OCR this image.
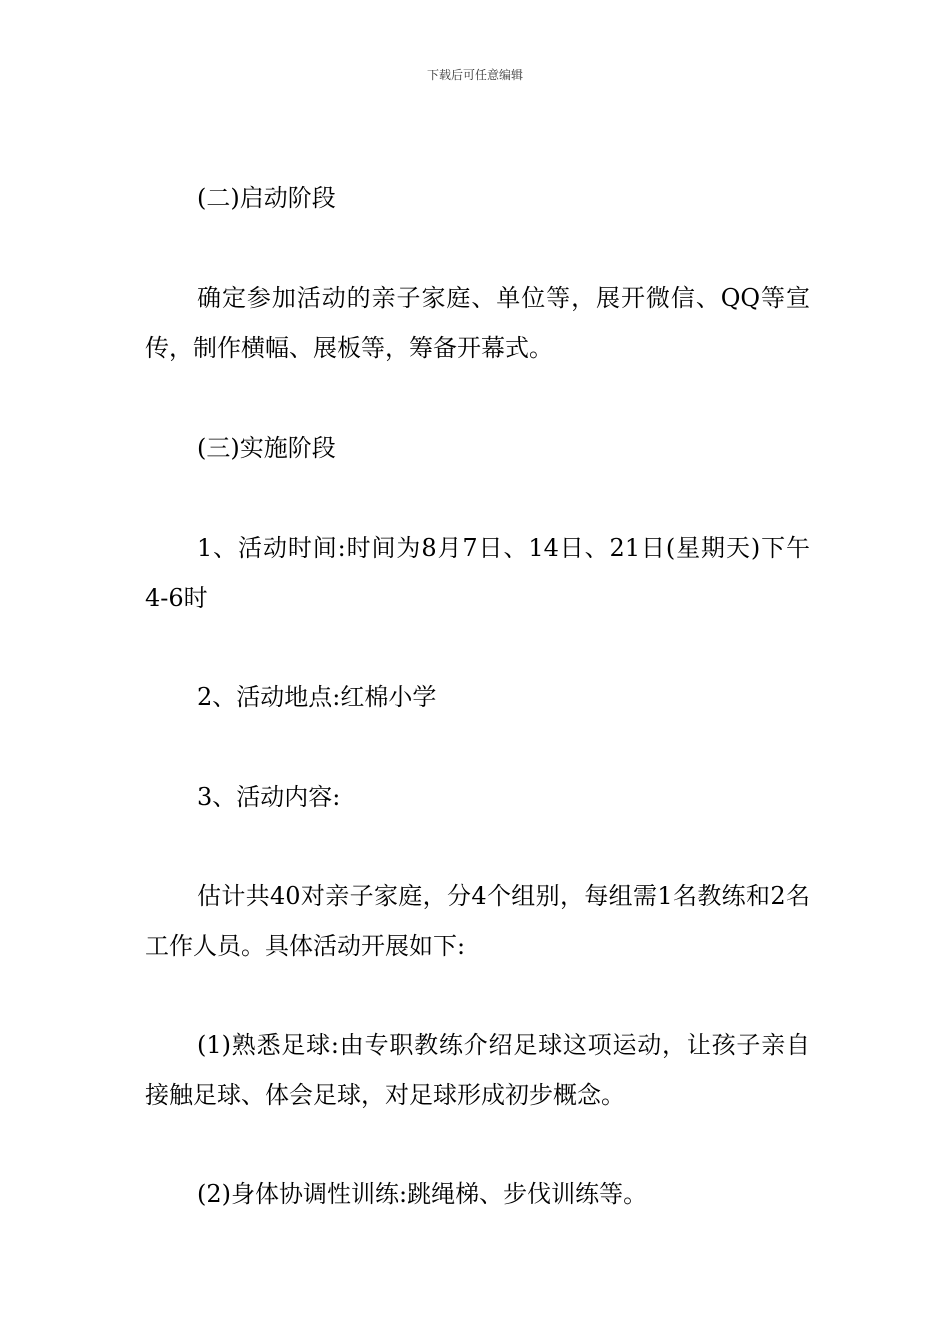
下载后可任意编辑

(二)启动阶段

确定参加活动的亲子家庭、单位等，展开微信、QQ等宣传，制作横幅、展板等，筹备开幕式。

(三)实施阶段

1、活动时间:时间为8月7日、14日、21日(星期天)下午4-6时

2、活动地点:红棉小学

3、活动内容:

估计共40对亲子家庭，分4个组别，每组需1名教练和2名工作人员。具体活动开展如下:

(1)熟悉足球:由专职教练介绍足球这项运动，让孩子亲自接触足球、体会足球，对足球形成初步概念。

(2)身体协调性训练:跳绳梯、步伐训练等。
